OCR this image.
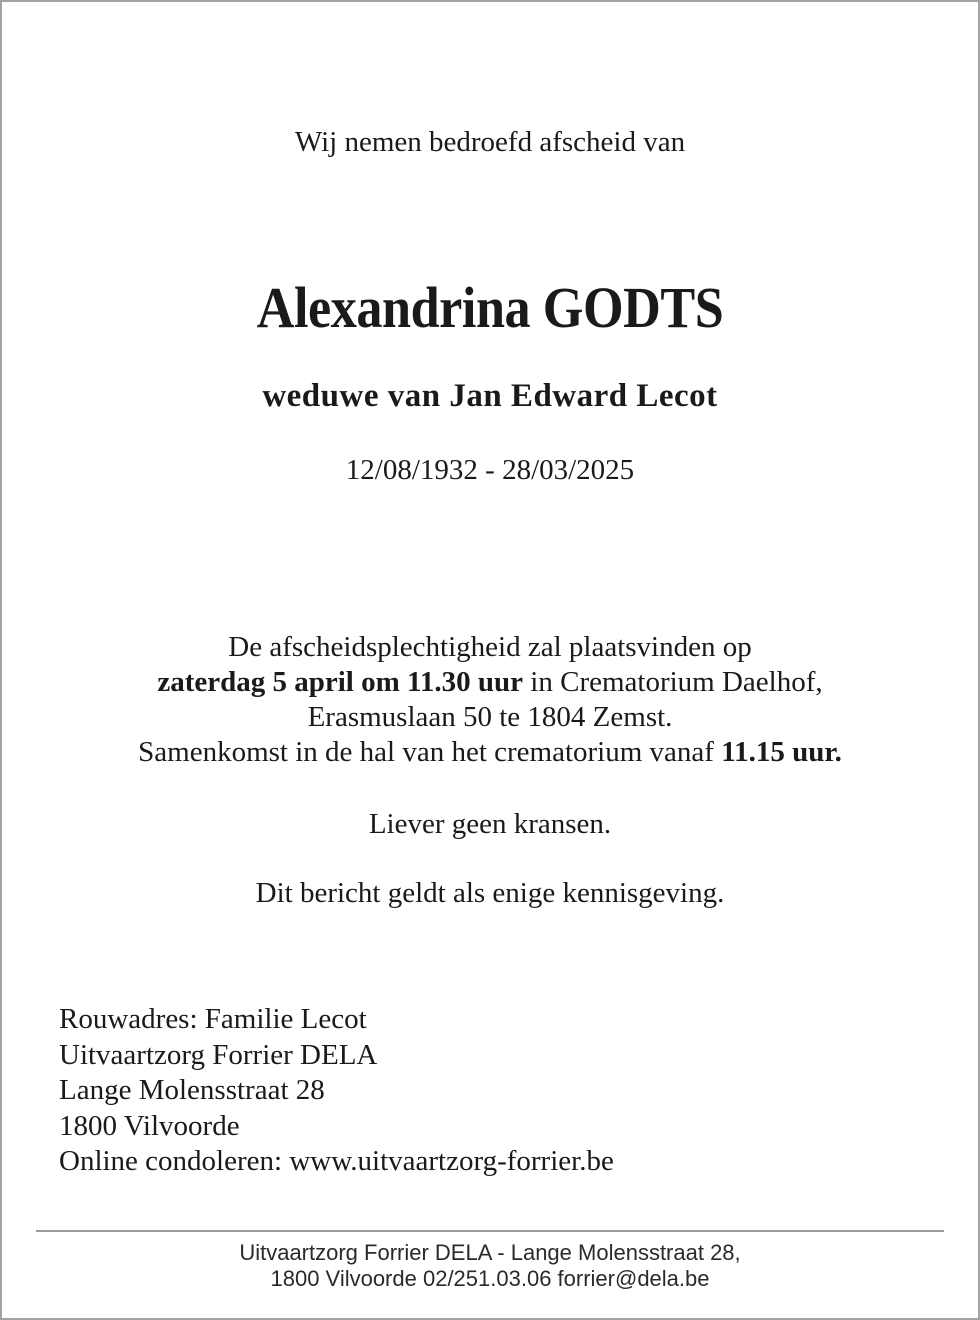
Wij nemen bedroefd afscheid van
Alexandrina GODTS
weduwe van Jan Edward Lecot
12/08/1932 - 28/03/2025
De afscheidsplechtigheid zal plaatsvinden op
zaterdag 5 april om 11.30 uur in Crematorium Daelhof,
Erasmuslaan 50 te 1804 Zemst.
Samenkomst in de hal van het crematorium vanaf 11.15 uur.
Liever geen kransen.
Dit bericht geldt als enige kennisgeving.
Rouwadres: Familie Lecot
Uitvaartzorg Forrier DELA
Lange Molensstraat 28
1800 Vilvoorde
Online condoleren: www.uitvaartzorg-forrier.be
Uitvaartzorg Forrier DELA - Lange Molensstraat 28,
1800 Vilvoorde 02/251.03.06 forrier@dela.be
